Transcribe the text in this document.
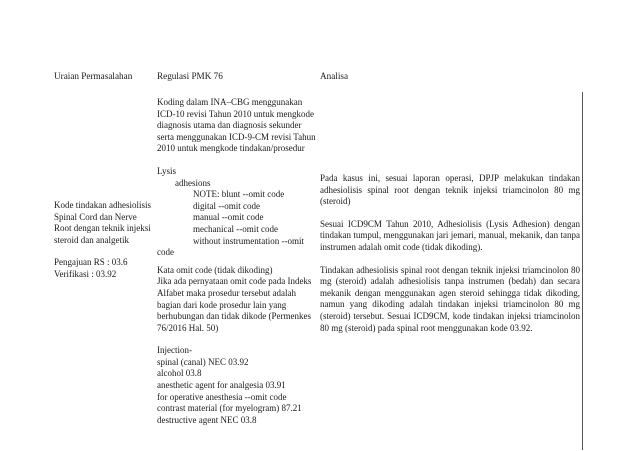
Uraian Permasalahan	Regulasi PMK 76	Analisa
Kode tindakan adhesiolisis
Spinal Cord dan Nerve
Root dengan teknik injeksi
steroid dan analgetik
Pengajuan RS : 03.6
Verifikasi : 03.92
Koding dalam INA–CBG menggunakan
ICD-10 revisi Tahun 2010 untuk mengkode
diagnosis utama dan diagnosis sekunder
serta menggunakan ICD-9-CM revisi Tahun
2010 untuk mengkode tindakan/prosedur
Lysis
adhesions
NOTE: blunt --omit code
digital --omit code
manual --omit code
mechanical --omit code
without instrumentation --omit
code
Kata omit code (tidak dikoding)
Jika ada pernyataan omit code pada Indeks
Alfabet maka prosedur tersebut adalah
bagian dari kode prosedur lain yang
berhubungan dan tidak dikode (Permenkes
76/2016 Hal. 50)
Injection-
spinal (canal) NEC 03.92
alcohol 03.8
anesthetic agent for analgesia 03.91
for operative anesthesia --omit code
contrast material (for myelogram) 87.21
destructive agent NEC 03.8

Pada kasus ini, sesuai laporan operasi, DPJP melakukan tindakan adhesiolisis spinal root dengan teknik injeksi triamcinolon 80 mg (steroid)

Sesuai ICD9CM Tahun 2010, Adhesiolisis (Lysis Adhesion) dengan tindakan tumpul, menggunakan jari jemari, manual, mekanik, dan tanpa instrumen adalah omit code (tidak dikoding).

Tindakan adhesiolisis spinal root dengan teknik injeksi triamcinolon 80 mg (steroid) adalah adhesiolisis tanpa instrumen (bedah) dan secara mekanik dengan menggunakan agen steroid sehingga tidak dikoding, namun yang dikoding adalah tindakan injeksi triamcinolon 80 mg (steroid) tersebut. Sesuai ICD9CM, kode tindakan injeksi triamcinolon 80 mg (steroid) pada spinal root menggunakan kode 03.92.
